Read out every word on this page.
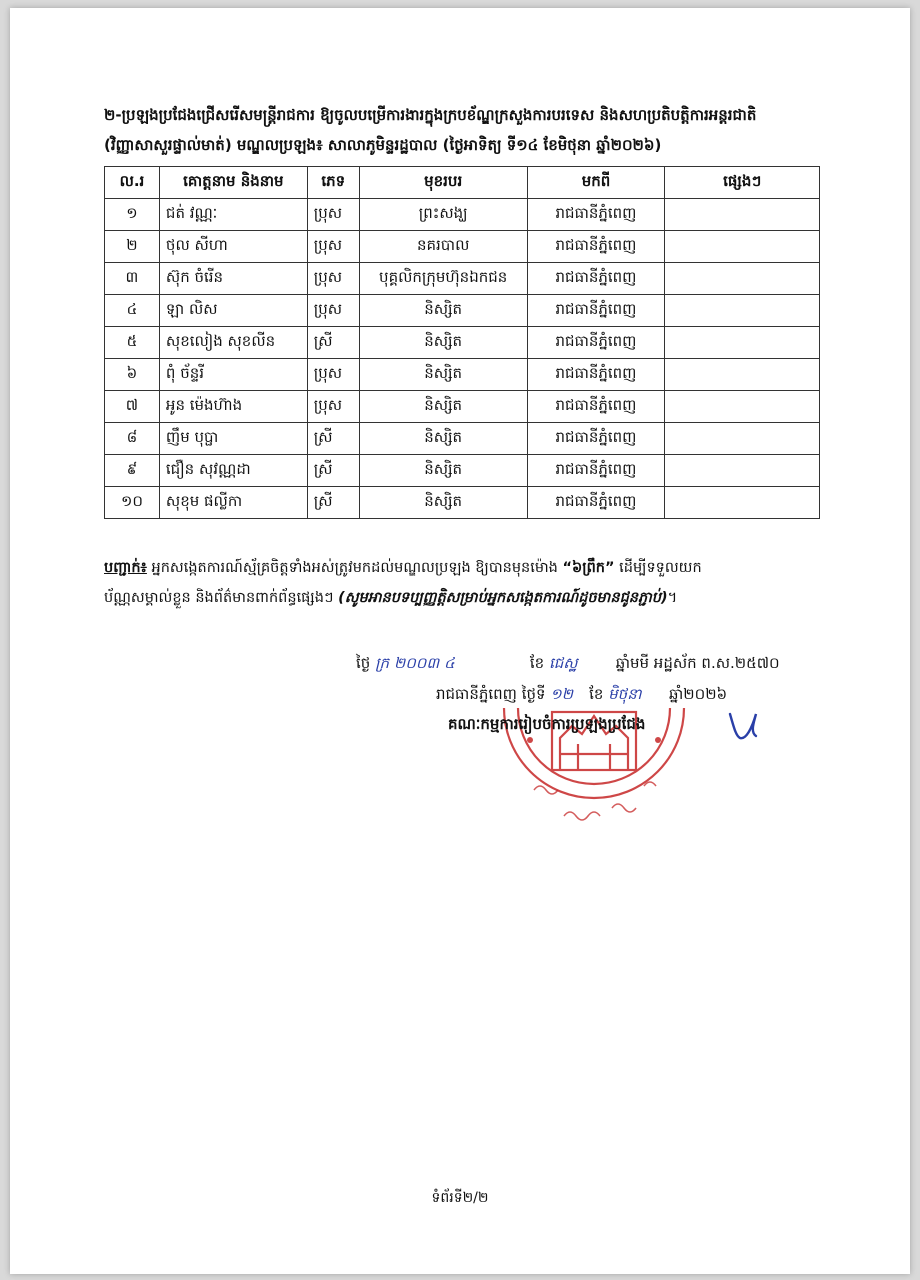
២-ប្រឡងប្រជែងជ្រើសរើសមន្ត្រីរាជការ ឱ្យចូលបម្រើការងារក្នុងក្របខ័ណ្ឌក្រសួងការបរទេស និងសហប្រតិបត្តិការអន្តរជាតិ
(វិញ្ញាសាសួរផ្ទាល់មាត់) មណ្ឌលប្រឡង៖ សាលាភូមិន្ទរដ្ឋបាល (ថ្ងៃអាទិត្យ ទី១៤ ខែមិថុនា ឆ្នាំ២០២៦)
ល.រ	គោត្តនាម និងនាម	ភេទ	មុខរបរ	មកពី	ផ្សេងៗ
១	ជត់ វណ្ណៈ	ប្រុស	ព្រះសង្ឃ	រាជធានីភ្នំពេញ	
២	ថុល សីហា	ប្រុស	នគរបាល	រាជធានីភ្នំពេញ	
៣	ស៊ុក ចំរើន	ប្រុស	បុគ្គលិកក្រុមហ៊ុនឯកជន	រាជធានីភ្នំពេញ	
៤	ឡា លិស	ប្រុស	និស្សិត	រាជធានីភ្នំពេញ	
៥	សុខលៀង សុខលីន	ស្រី	និស្សិត	រាជធានីភ្នំពេញ	
៦	ពុំ ច័ន្ទរី	ប្រុស	និស្សិត	រាជធានីភ្នំពេញ	
៧	អូន ម៉េងហ៊ាង	ប្រុស	និស្សិត	រាជធានីភ្នំពេញ	
៨	ញឹម បុប្ផា	ស្រី	និស្សិត	រាជធានីភ្នំពេញ	
៩	ជឿន សុវណ្ណដា	ស្រី	និស្សិត	រាជធានីភ្នំពេញ	
១០	សុខុម ផល្លីកា	ស្រី	និស្សិត	រាជធានីភ្នំពេញ	
បញ្ជាក់៖ អ្នកសង្កេតការណ៍ស្ម័គ្រចិត្តទាំងអស់ត្រូវមកដល់មណ្ឌលប្រឡង ឱ្យបានមុនម៉ោង “៦ព្រឹក” ដើម្បីទទួលយក
ប័ណ្ណសម្គាល់ខ្លួន និងព័ត៌មានពាក់ព័ន្ធផ្សេងៗ (សូមអានបទប្បញ្ញត្តិសម្រាប់អ្នកសង្កេតការណ៍ដូចមានជូនភ្ជាប់)។
ថ្ងៃ ក្រ ២០០៣ ៤	ខែ ជេស្ឋ	ឆ្នាំមមី អដ្ឋស័ក ព.ស.២៥៧០
រាជធានីភ្នំពេញ ថ្ងៃទី ១២ ខែ មិថុនា ឆ្នាំ២០២៦
គណៈកម្មការរៀបចំការប្រឡងប្រជែង
ទំព័រទី២/២
